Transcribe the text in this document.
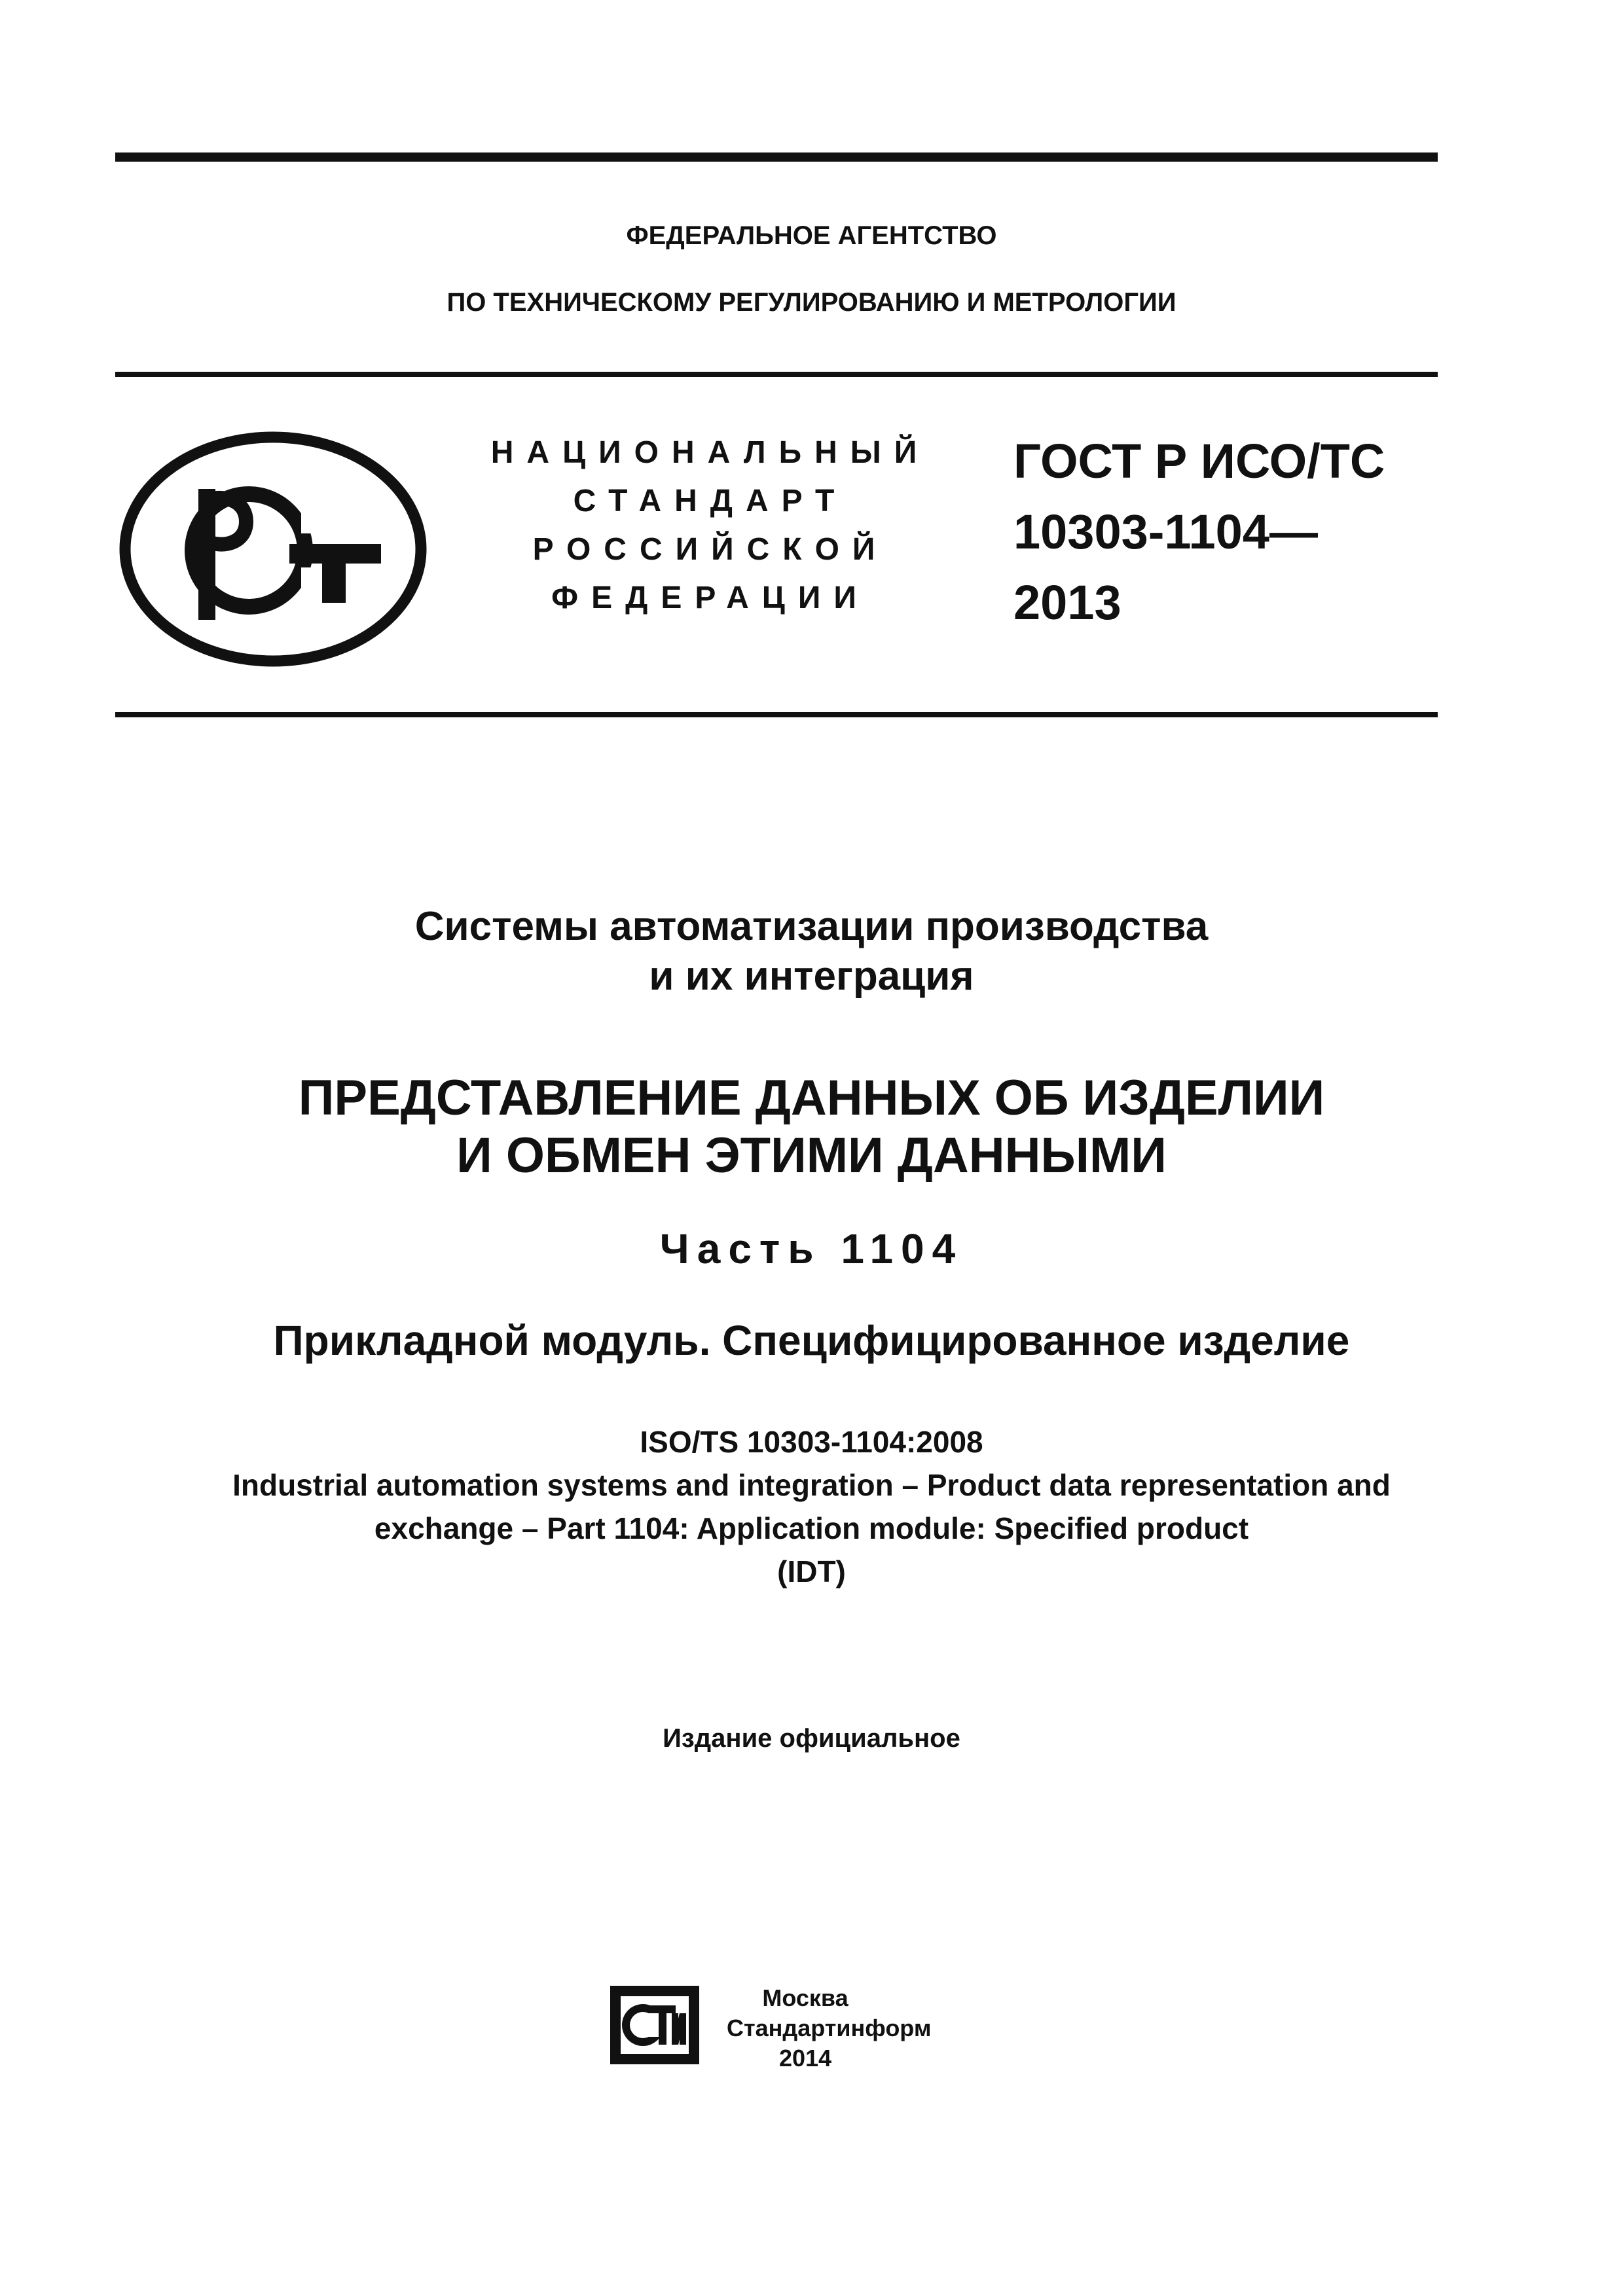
ФЕДЕРАЛЬНОЕ АГЕНТСТВО
ПО ТЕХНИЧЕСКОМУ РЕГУЛИРОВАНИЮ И МЕТРОЛОГИИ
НАЦИОНАЛЬНЫЙ
СТАНДАРТ
РОССИЙСКОЙ
ФЕДЕРАЦИИ
ГОСТ Р ИСО/ТС
10303-1104—
2013
Системы автоматизации производства
и их интеграция
ПРЕДСТАВЛЕНИЕ ДАННЫХ ОБ ИЗДЕЛИИ
И ОБМЕН ЭТИМИ ДАННЫМИ
Часть 1104
Прикладной модуль. Специфицированное изделие
ISO/TS 10303-1104:2008
Industrial automation systems and integration – Product data representation and
exchange – Part 1104: Application module: Specified product
(IDT)
Издание официальное
Москва
Стандартинформ
2014
